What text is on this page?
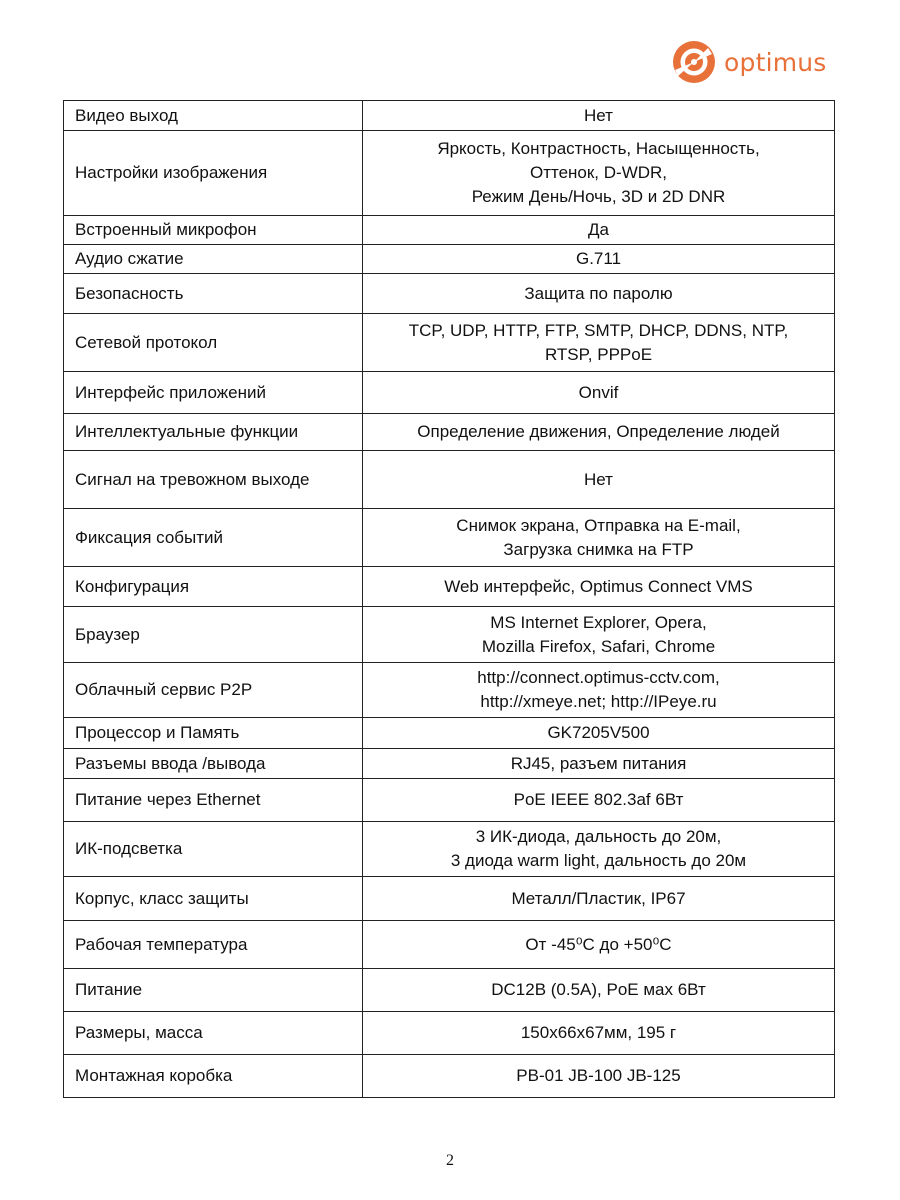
optimus
Видео выход	Нет
Настройки изображения	Яркость, Контрастность, Насыщенность,
Оттенок, D-WDR,
Режим День/Ночь, 3D и 2D DNR
Встроенный микрофон	Да
Аудио сжатие	G.711
Безопасность	Защита по паролю
Сетевой протокол	TCP, UDP, HTTP, FTP, SMTP, DHCP, DDNS, NTP,
RTSP, PPPoE
Интерфейс приложений	Onvif
Интеллектуальные функции	Определение движения, Определение людей
Сигнал на тревожном выходе	Нет
Фиксация событий	Снимок экрана, Отправка на E-mail,
Загрузка снимка на FTP
Конфигурация	Web интерфейс, Optimus Connect VMS
Браузер	MS Internet Explorer, Opera,
Mozilla Firefox, Safari, Chrome
Облачный сервис P2P	http://connect.optimus-cctv.com,
http://xmeye.net; http://IPeye.ru
Процессор и Память	GK7205V500
Разъемы ввода /вывода	RJ45, разъем питания
Питание через Ethernet	PoE IEEE 802.3af 6Вт
ИК-подсветка	3 ИК-диода, дальность до 20м,
3 диода warm light, дальность до 20м
Корпус, класс защиты	Металл/Пластик, IP67
Рабочая температура	От -45⁰С до +50⁰С
Питание	DC12В (0.5А), PoE мах 6Вт
Размеры, масса	150х66х67мм, 195 г
Монтажная коробка	PB-01 JB-100 JB-125
2
